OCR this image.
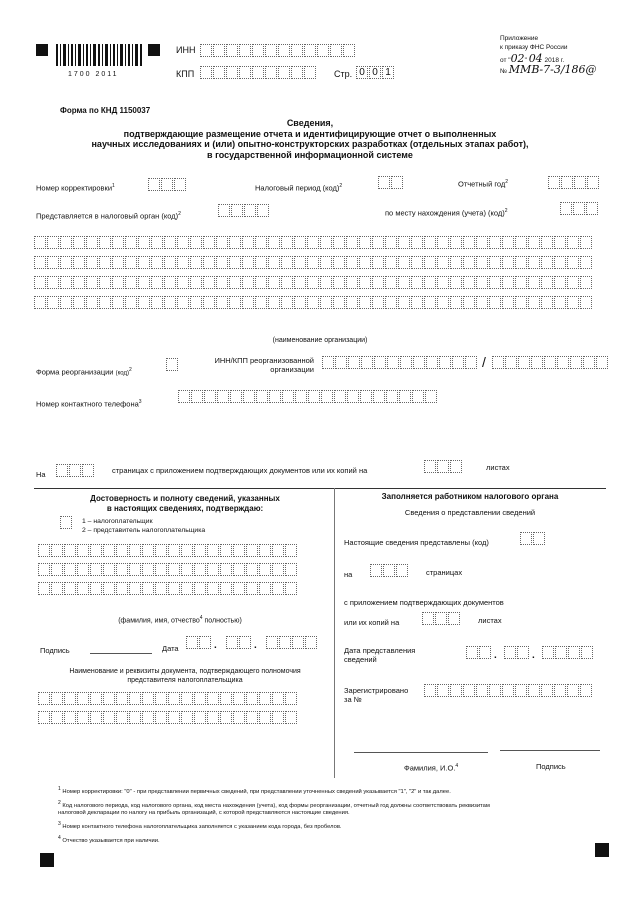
1700 2011
ИНН
КПП	Стр. 0 0 1
Приложение
к приказу ФНС России
от "02" 04 2018 г.
№ ММВ-7-3/186@
Форма по КНД 1150037
Сведения,
подтверждающие размещение отчета и идентифицирующие отчет о выполненных
научных исследованиях и (или) опытно-конструкторских разработках (отдельных этапах работ),
в государственной информационной системе
Номер корректировки$^1$	Налоговый период (код)$^2$	Отчетный год$^2$
Представляется в налоговый орган (код)$^2$	по месту нахождения (учета) (код)$^2$
(наименование организации)
Форма реорганизации (код)$^2$
ИНН/КПП реорганизованной
организации	/
Номер контактного телефона$^3$
На	страницах с приложением подтверждающих документов или их копий на	листах
Достоверность и полноту сведений, указанных
в настоящих сведениях, подтверждаю:
1 – налогоплательщик
2 – представитель налогоплательщика
(фамилия, имя, отчество$^4$ полностью)
Подпись	Дата	.	.
Наименование и реквизиты документа, подтверждающего полномочия
представителя налогоплательщика
Заполняется работником налогового органа
Сведения о представлении сведений
Настоящие сведения представлены (код)
на	страницах
с приложением подтверждающих документов
или их копий на	листах
Дата представления
сведений	.	.
Зарегистрировано
за №
Фамилия, И.О.$^4$	Подпись
1 Номер корректировки: "0" - при представлении первичных сведений, при представлении уточненных сведений указывается "1", "2" и так далее.
2 Код налогового периода, код налогового органа, код места нахождения (учета), код формы реорганизации, отчетный год должны соответствовать реквизитам
налоговой декларации по налогу на прибыль организаций, с которой представляются настоящие сведения.
3 Номер контактного телефона налогоплательщика заполняется с указанием кода города, без пробелов.
4 Отчество указывается при наличии.
